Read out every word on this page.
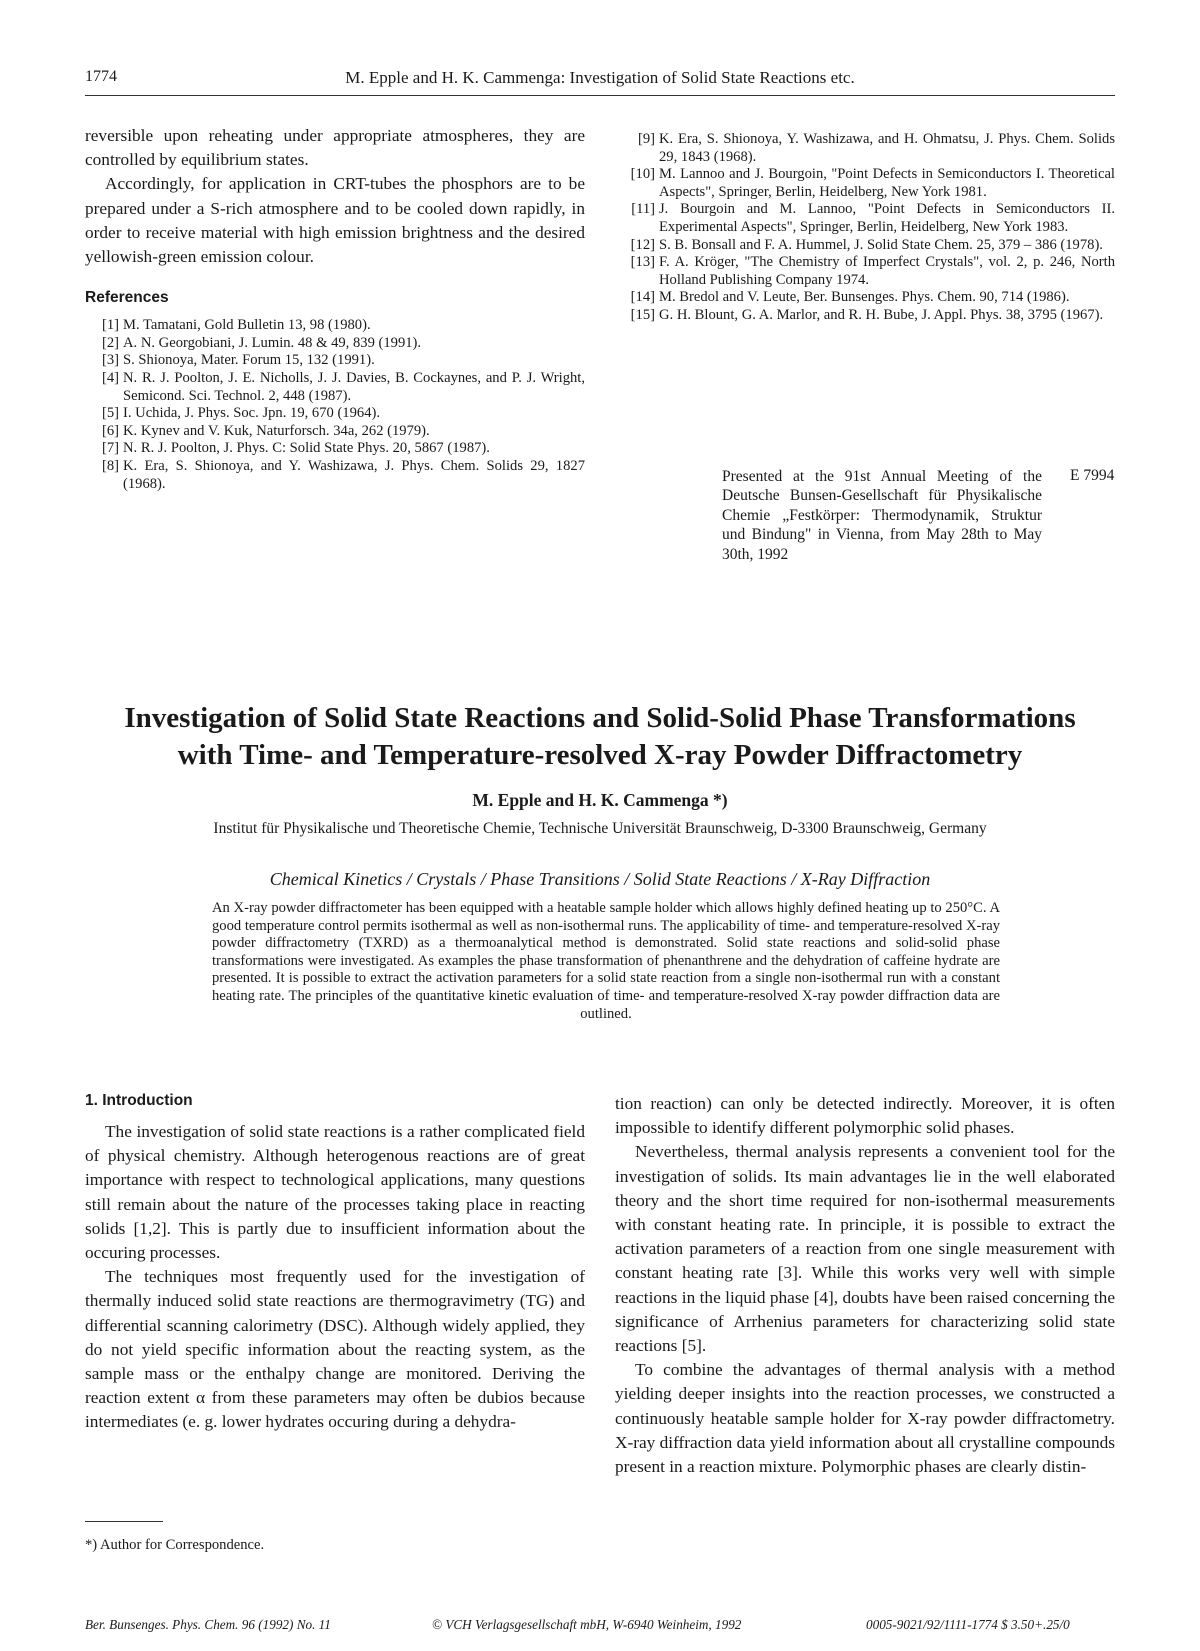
1774	M. Epple and H. K. Cammenga: Investigation of Solid State Reactions etc.

reversible upon reheating under appropriate atmospheres, they are controlled by equilibrium states.

Accordingly, for application in CRT-tubes the phosphors are to be prepared under a S-rich atmosphere and to be cooled down rapidly, in order to receive material with high emission brightness and the desired yellowish-green emission colour.

References

[1] M. Tamatani, Gold Bulletin 13, 98 (1980).
[2] A. N. Georgobiani, J. Lumin. 48 & 49, 839 (1991).
[3] S. Shionoya, Mater. Forum 15, 132 (1991).
[4] N. R. J. Poolton, J. E. Nicholls, J. J. Davies, B. Cockaynes, and P. J. Wright, Semicond. Sci. Technol. 2, 448 (1987).
[5] I. Uchida, J. Phys. Soc. Jpn. 19, 670 (1964).
[6] K. Kynev and V. Kuk, Naturforsch. 34a, 262 (1979).
[7] N. R. J. Poolton, J. Phys. C: Solid State Phys. 20, 5867 (1987).
[8] K. Era, S. Shionoya, and Y. Washizawa, J. Phys. Chem. Solids 29, 1827 (1968).
[9] K. Era, S. Shionoya, Y. Washizawa, and H. Ohmatsu, J. Phys. Chem. Solids 29, 1843 (1968).
[10] M. Lannoo and J. Bourgoin, "Point Defects in Semiconductors I. Theoretical Aspects", Springer, Berlin, Heidelberg, New York 1981.
[11] J. Bourgoin and M. Lannoo, "Point Defects in Semiconductors II. Experimental Aspects", Springer, Berlin, Heidelberg, New York 1983.
[12] S. B. Bonsall and F. A. Hummel, J. Solid State Chem. 25, 379 – 386 (1978).
[13] F. A. Kröger, "The Chemistry of Imperfect Crystals", vol. 2, p. 246, North Holland Publishing Company 1974.
[14] M. Bredol and V. Leute, Ber. Bunsenges. Phys. Chem. 90, 714 (1986).
[15] G. H. Blount, G. A. Marlor, and R. H. Bube, J. Appl. Phys. 38, 3795 (1967).
Presented at the 91st Annual Meeting of the Deutsche Bunsen-Gesellschaft für Physikalische Chemie „Festkörper: Thermodynamik, Struktur und Bindung" in Vienna, from May 28th to May 30th, 1992
E 7994
Investigation of Solid State Reactions and Solid-Solid Phase Transformations
with Time- and Temperature-resolved X-ray Powder Diffractometry
M. Epple and H. K. Cammenga *)
Institut für Physikalische und Theoretische Chemie, Technische Universität Braunschweig, D-3300 Braunschweig, Germany
Chemical Kinetics / Crystals / Phase Transitions / Solid State Reactions / X-Ray Diffraction

An X-ray powder diffractometer has been equipped with a heatable sample holder which allows highly defined heating up to 250°C. A good temperature control permits isothermal as well as non-isothermal runs. The applicability of time- and temperature-resolved X-ray powder diffractometry (TXRD) as a thermoanalytical method is demonstrated. Solid state reactions and solid-solid phase transformations were investigated. As examples the phase transformation of phenanthrene and the dehydration of caffeine hydrate are presented. It is possible to extract the activation parameters for a solid state reaction from a single non-isothermal run with a constant heating rate. The principles of the quantitative kinetic evaluation of time- and temperature-resolved X-ray powder diffraction data are outlined.

1. Introduction

The investigation of solid state reactions is a rather complicated field of physical chemistry. Although heterogenous reactions are of great importance with respect to technological applications, many questions still remain about the nature of the processes taking place in reacting solids [1,2]. This is partly due to insufficient information about the occuring processes.

The techniques most frequently used for the investigation of thermally induced solid state reactions are thermogravimetry (TG) and differential scanning calorimetry (DSC). Although widely applied, they do not yield specific information about the reacting system, as the sample mass or the enthalpy change are monitored. Deriving the reaction extent α from these parameters may often be dubios because intermediates (e. g. lower hydrates occuring during a dehydra-

tion reaction) can only be detected indirectly. Moreover, it is often impossible to identify different polymorphic solid phases.

Nevertheless, thermal analysis represents a convenient tool for the investigation of solids. Its main advantages lie in the well elaborated theory and the short time required for non-isothermal measurements with constant heating rate. In principle, it is possible to extract the activation parameters of a reaction from one single measurement with constant heating rate [3]. While this works very well with simple reactions in the liquid phase [4], doubts have been raised concerning the significance of Arrhenius parameters for characterizing solid state reactions [5].

To combine the advantages of thermal analysis with a method yielding deeper insights into the reaction processes, we constructed a continuously heatable sample holder for X-ray powder diffractometry. X-ray diffraction data yield information about all crystalline compounds present in a reaction mixture. Polymorphic phases are clearly distin-

*) Author for Correspondence.
Ber. Bunsenges. Phys. Chem. 96 (1992) No. 11	© VCH Verlagsgesellschaft mbH, W-6940 Weinheim, 1992	0005-9021/92/1111-1774 $ 3.50+.25/0
